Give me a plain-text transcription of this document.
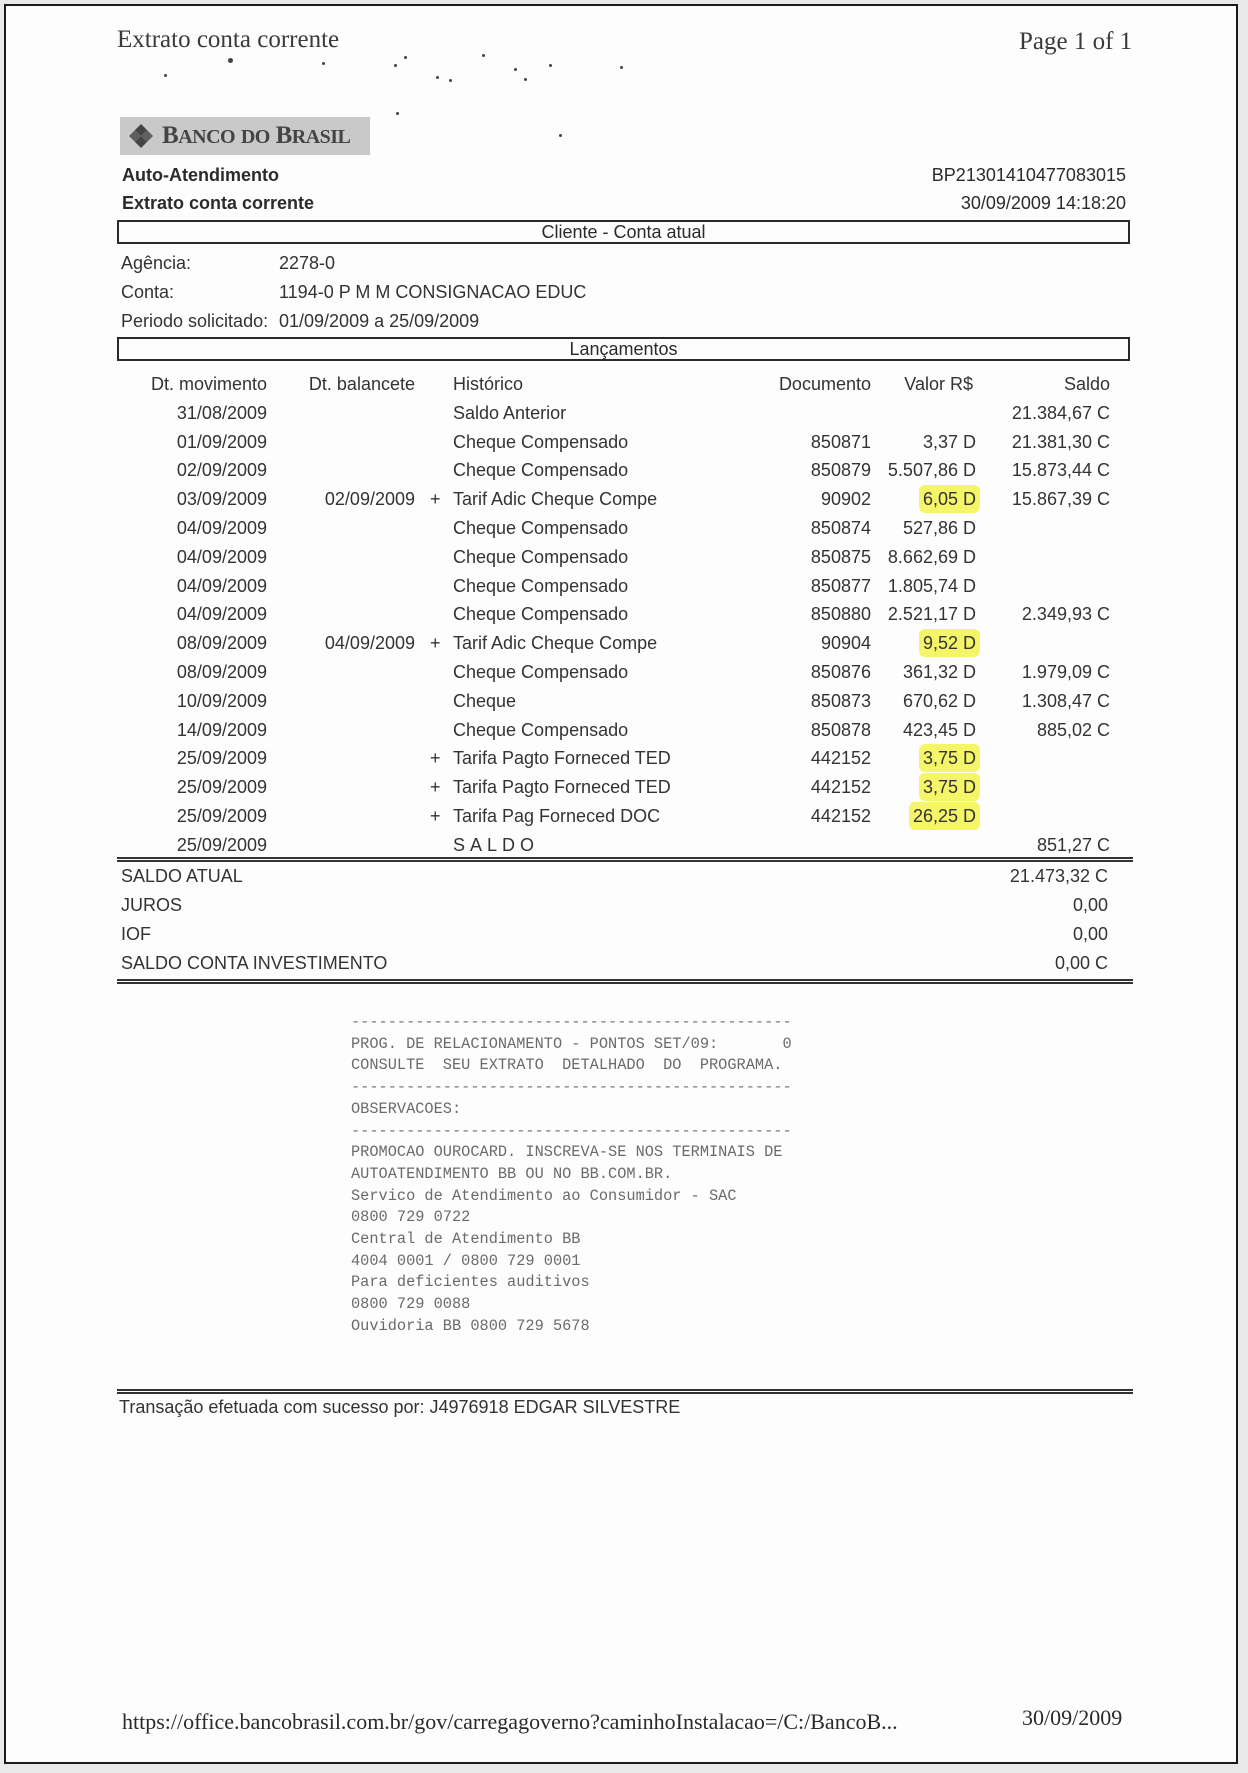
Extrato conta corrente	Page 1 of 1
BANCO DO BRASIL
Auto-Atendimento
Extrato conta corrente
BP21301410477083015
30/09/2009 14:18:20
Cliente - Conta atual
Agência:	2278-0
Conta:	1194-0 P M M CONSIGNACAO EDUC
Periodo solicitado: 01/09/2009 a 25/09/2009
Lançamentos
Dt. movimento Dt. balancete Histórico	Documento Valor R$	Saldo
31/08/2009	Saldo Anterior	21.384,67 C
01/09/2009	Cheque Compensado	850871	3,37 D 21.381,30 C
02/09/2009	Cheque Compensado	850879 5.507,86 D 15.873,44 C
03/09/2009	02/09/2009 + Tarif Adic Cheque Compe	90902	6,05 D 15.867,39 C
04/09/2009	Cheque Compensado	850874 527,86 D
04/09/2009	Cheque Compensado	850875 8.662,69 D
04/09/2009	Cheque Compensado	850877 1.805,74 D
04/09/2009	Cheque Compensado	850880 2.521,17 D	2.349,93 C
08/09/2009	04/09/2009 + Tarif Adic Cheque Compe	90904	9,52 D
08/09/2009	Cheque Compensado	850876 361,32 D	1.979,09 C
10/09/2009	Cheque	850873 670,62 D	1.308,47 C
14/09/2009	Cheque Compensado	850878 423,45 D	885,02 C
25/09/2009	+ Tarifa Pagto Forneced TED	442152	3,75 D
25/09/2009	+ Tarifa Pagto Forneced TED	442152	3,75 D
25/09/2009	+ Tarifa Pag Forneced DOC	442152 26,25 D
25/09/2009	SALDO	851,27 C
SALDO ATUAL	21.473,32 C
JUROS	0,00
IOF	0,00
SALDO CONTA INVESTIMENTO	0,00 C
------------------------------------------------
PROG. DE RELACIONAMENTO - PONTOS SET/09:       0
CONSULTE  SEU EXTRATO  DETALHADO  DO  PROGRAMA.
------------------------------------------------
OBSERVACOES:
------------------------------------------------
PROMOCAO OUROCARD. INSCREVA-SE NOS TERMINAIS DE
AUTOATENDIMENTO BB OU NO BB.COM.BR.
Servico de Atendimento ao Consumidor - SAC
0800 729 0722
Central de Atendimento BB
4004 0001 / 0800 729 0001
Para deficientes auditivos
0800 729 0088
Ouvidoria BB 0800 729 5678
Transação efetuada com sucesso por: J4976918 EDGAR SILVESTRE
https://office.bancobrasil.com.br/gov/carregagoverno?caminhoInstalacao=/C:/BancoB...	30/09/2009
